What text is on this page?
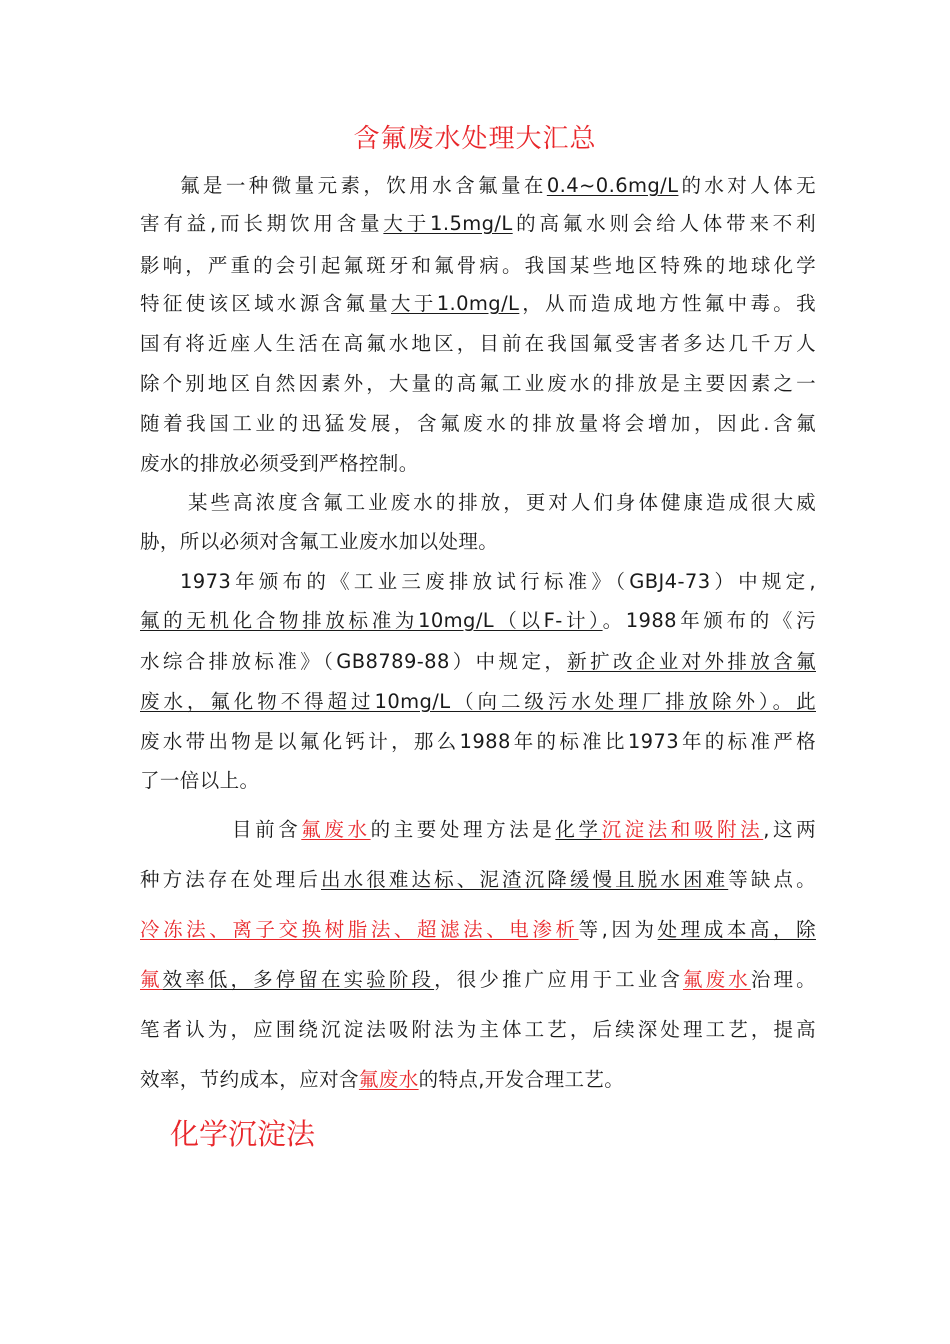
含氟废水处理大汇总
氟是一种微量元素，饮用水含氟量在0.4~0.6mg/L的水对人体无
害有益,而长期饮用含量大于1.5mg/L的高氟水则会给人体带来不利
影响，严重的会引起氟斑牙和氟骨病。我国某些地区特殊的地球化学
特征使该区域水源含氟量大于1.0mg/L，从而造成地方性氟中毒。我
国有将近座人生活在高氟水地区，目前在我国氟受害者多达几千万人
除个别地区自然因素外，大量的高氟工业废水的排放是主要因素之一
随着我国工业的迅猛发展，含氟废水的排放量将会增加，因此.含氟
废水的排放必须受到严格控制。
某些高浓度含氟工业废水的排放，更对人们身体健康造成很大威
胁，所以必须对含氟工业废水加以处理。
1973年颁布的《工业三废排放试行标准》（GBJ4-73）中规定,
氟的无机化合物排放标准为10mg/L（以F-计）。1988年颁布的《污
水综合排放标准》（GB8789-88）中规定，新扩改企业对外排放含氟
废水，氟化物不得超过10mg/L（向二级污水处理厂排放除外）。此
废水带出物是以氟化钙计，那么1988年的标准比1973年的标准严格
了一倍以上。
目前含氟废水的主要处理方法是化学沉淀法和吸附法,这两
种方法存在处理后出水很难达标、泥渣沉降缓慢且脱水困难等缺点。
冷冻法、离子交换树脂法、超滤法、电渗析等,因为处理成本高，除
氟效率低，多停留在实验阶段，很少推广应用于工业含氟废水治理。
笔者认为，应围绕沉淀法吸附法为主体工艺，后续深处理工艺，提高
效率，节约成本，应对含氟废水的特点,开发合理工艺。
化学沉淀法
